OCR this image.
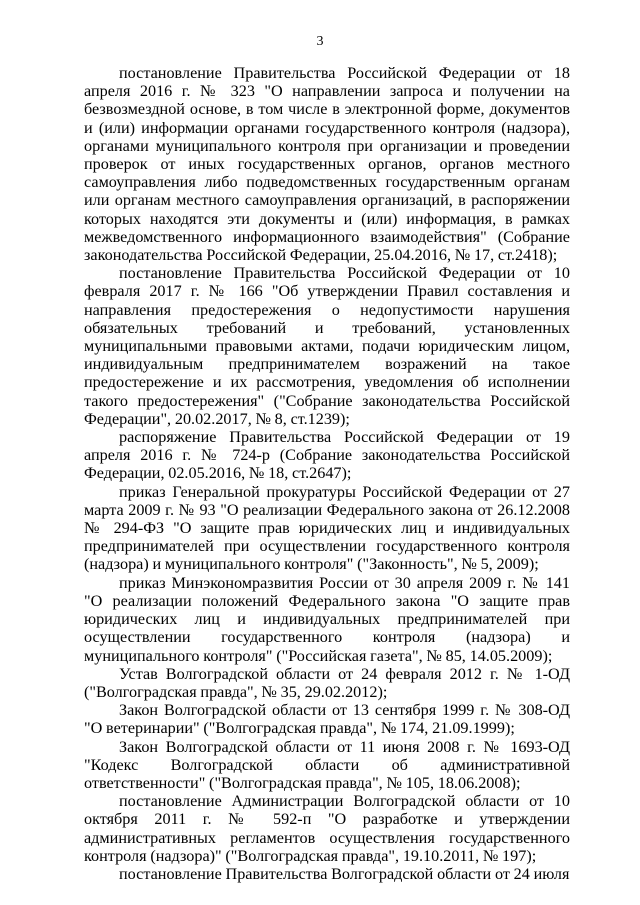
3

постановление Правительства Российской Федерации от 18 апреля 2016 г. № 323 "О направлении запроса и получении на безвозмездной основе, в том числе в электронной форме, документов и (или) информации органами государственного контроля (надзора), органами муниципального контроля при организации и проведении проверок от иных государственных органов, органов местного самоуправления либо подведомственных государственным органам или органам местного самоуправления организаций, в распоряжении которых находятся эти документы и (или) информация, в рамках межведомственного информационного взаимодействия" (Собрание законодательства Российской Федерации, 25.04.2016, № 17, ст.2418);

постановление Правительства Российской Федерации от 10 февраля 2017 г. № 166 "Об утверждении Правил составления и направления предостережения о недопустимости нарушения обязательных требований и требований, установленных муниципальными правовыми актами, подачи юридическим лицом, индивидуальным предпринимателем возражений на такое предостережение и их рассмотрения, уведомления об исполнении такого предостережения" ("Собрание законодательства Российской Федерации", 20.02.2017, № 8, ст.1239);

распоряжение Правительства Российской Федерации от 19 апреля 2016 г. № 724-р (Собрание законодательства Российской Федерации, 02.05.2016, № 18, ст.2647);

приказ Генеральной прокуратуры Российской Федерации от 27 марта 2009 г. № 93 "О реализации Федерального закона от 26.12.2008 № 294-ФЗ "О защите прав юридических лиц и индивидуальных предпринимателей при осуществлении государственного контроля (надзора) и муниципального контроля" ("Законность", № 5, 2009);

приказ Минэкономразвития России от 30 апреля 2009 г. № 141 "О реализации положений Федерального закона "О защите прав юридических лиц и индивидуальных предпринимателей при осуществлении государственного контроля (надзора) и муниципального контроля" ("Российская газета", № 85, 14.05.2009);

Устав Волгоградской области от 24 февраля 2012 г. № 1-ОД ("Волгоградская правда", № 35, 29.02.2012);

Закон Волгоградской области от 13 сентября 1999 г. № 308-ОД "О ветеринарии" ("Волгоградская правда", № 174, 21.09.1999);

Закон Волгоградской области от 11 июня 2008 г. № 1693-ОД "Кодекс Волгоградской области об административной ответственности" ("Волгоградская правда", № 105, 18.06.2008);

постановление Администрации Волгоградской области от 10 октября 2011 г. № 592-п "О разработке и утверждении административных регламентов осуществления государственного контроля (надзора)" ("Волгоградская правда", 19.10.2011, № 197);

постановление Правительства Волгоградской области от 24 июля
